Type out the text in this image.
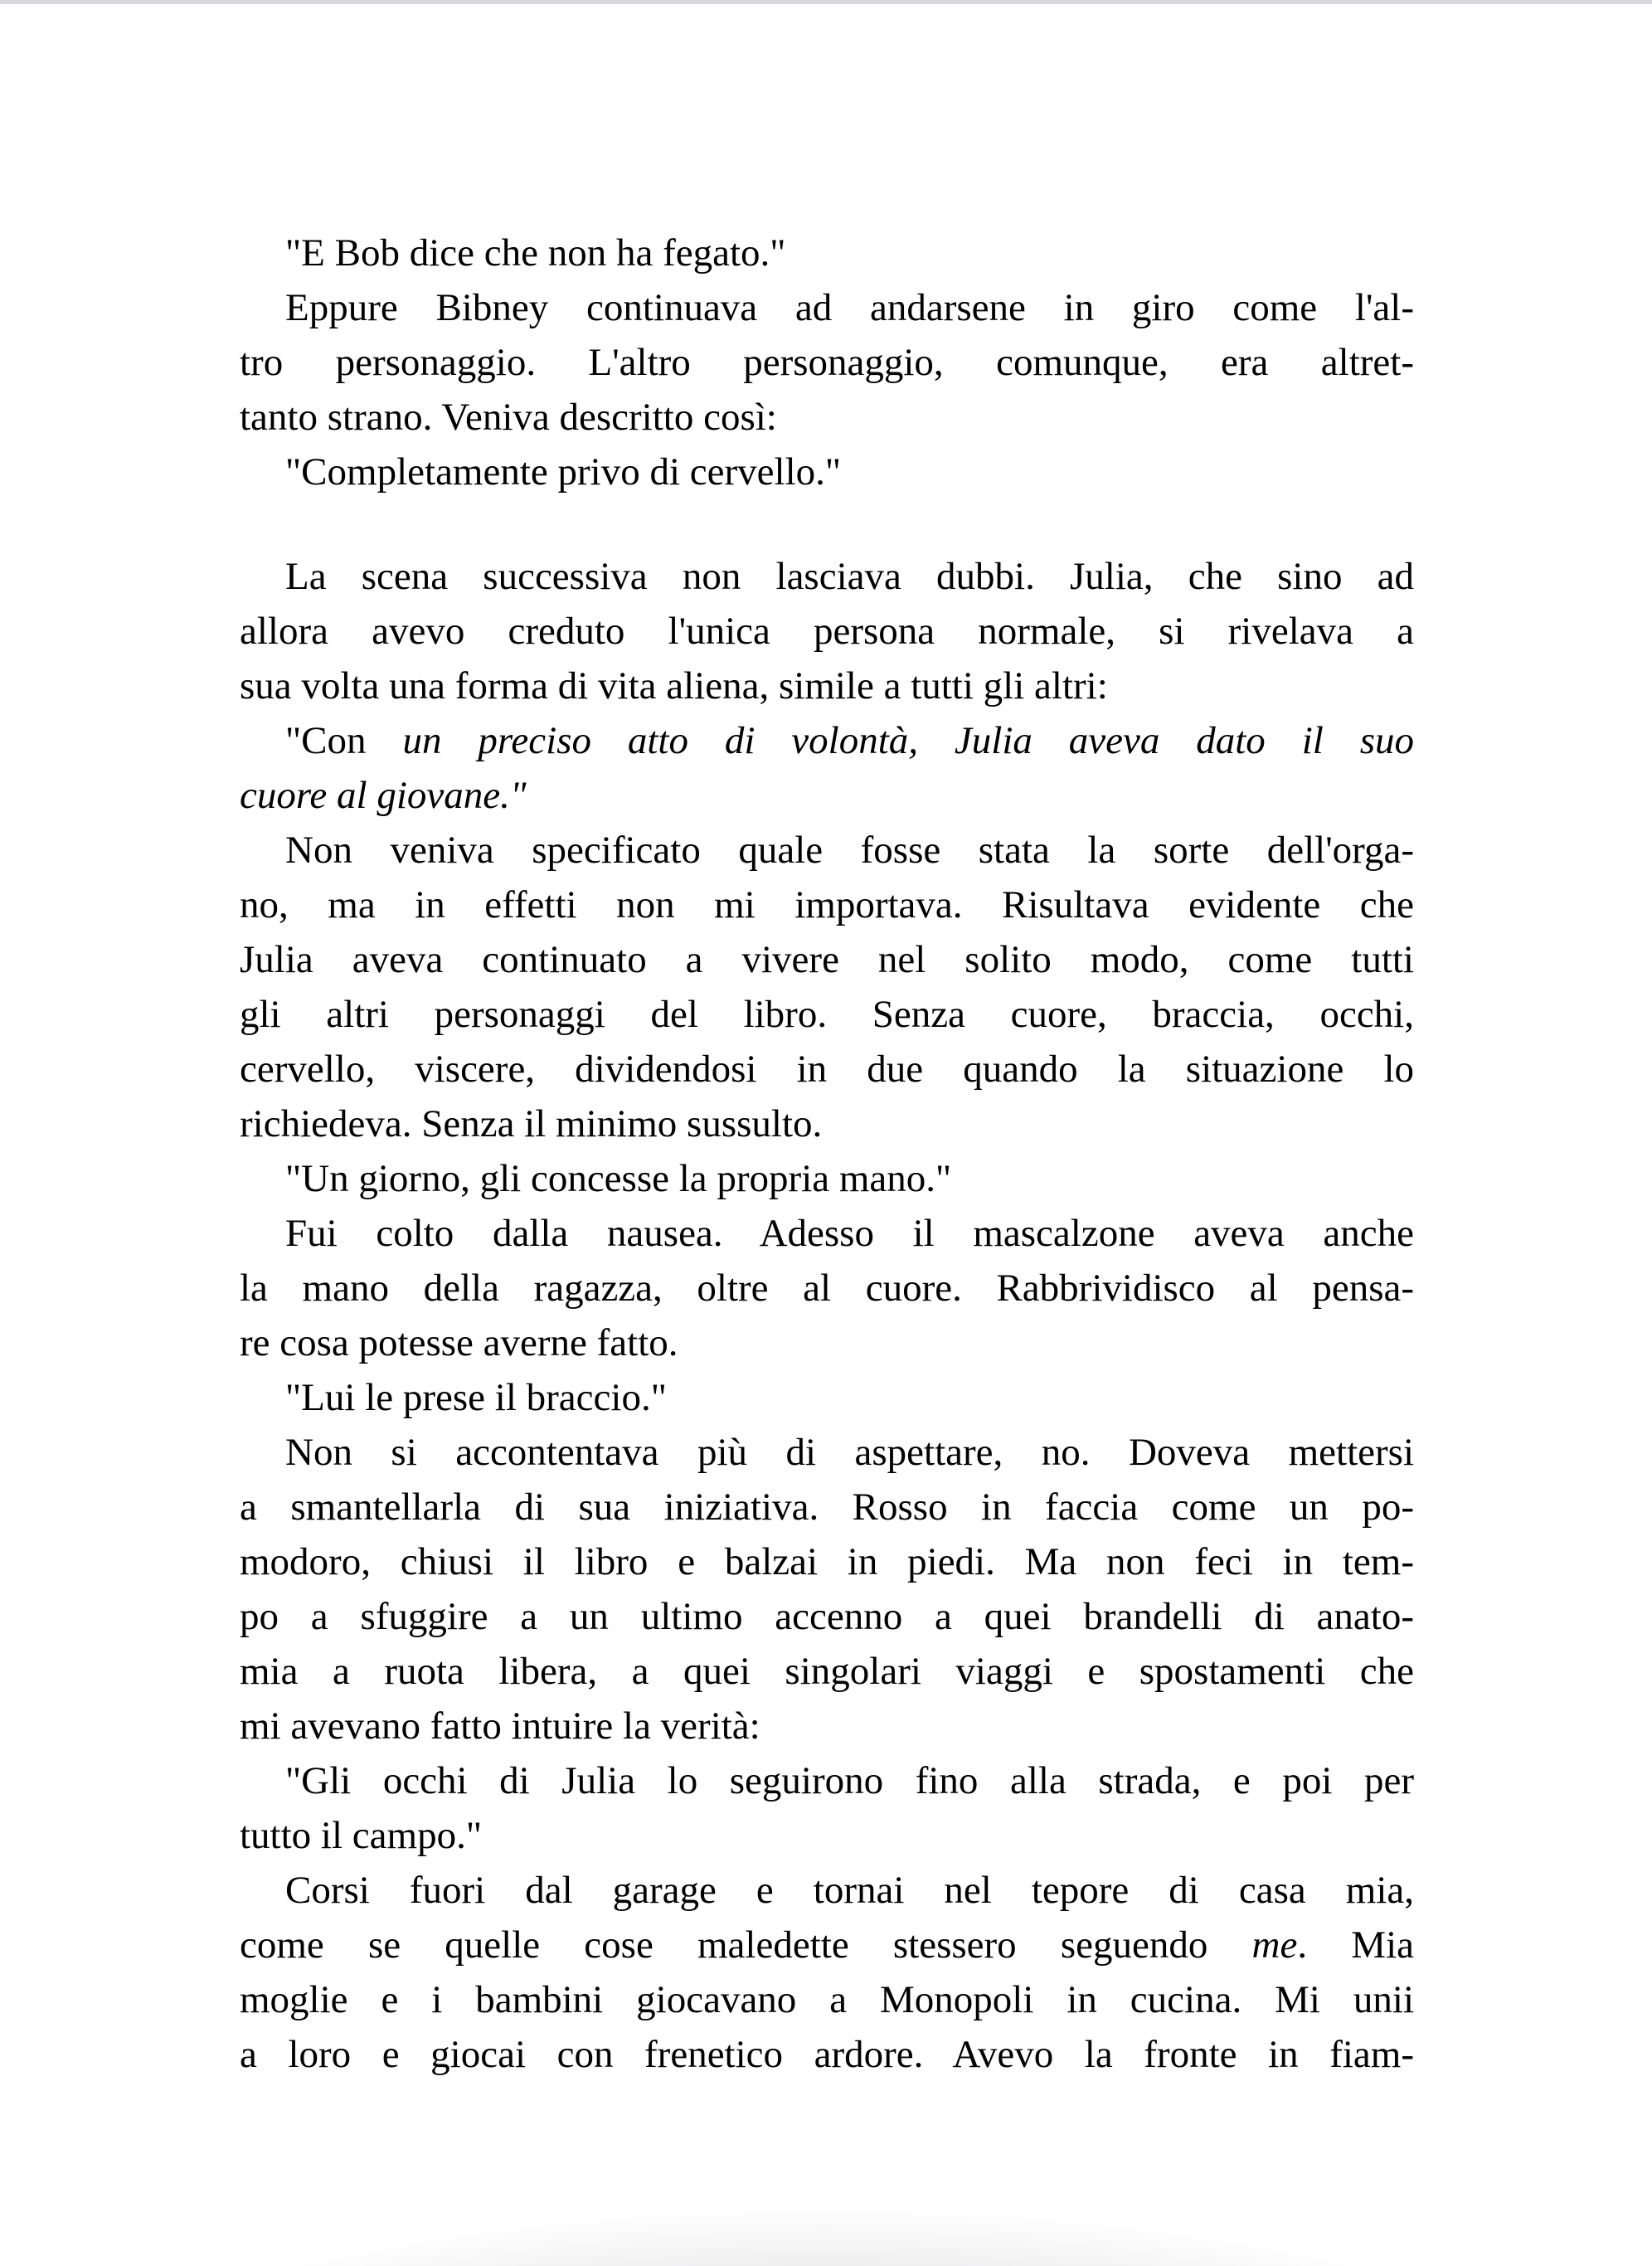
"E Bob dice che non ha fegato."
Eppure Bibney continuava ad andarsene in giro come l'al-
tro personaggio. L'altro personaggio, comunque, era altret-
tanto strano. Veniva descritto così:
"Completamente privo di cervello."
La scena successiva non lasciava dubbi. Julia, che sino ad
allora avevo creduto l'unica persona normale, si rivelava a
sua volta una forma di vita aliena, simile a tutti gli altri:
"Con un preciso atto di volontà, Julia aveva dato il suo
cuore al giovane."
Non veniva specificato quale fosse stata la sorte dell'orga-
no, ma in effetti non mi importava. Risultava evidente che
Julia aveva continuato a vivere nel solito modo, come tutti
gli altri personaggi del libro. Senza cuore, braccia, occhi,
cervello, viscere, dividendosi in due quando la situazione lo
richiedeva. Senza il minimo sussulto.
"Un giorno, gli concesse la propria mano."
Fui colto dalla nausea. Adesso il mascalzone aveva anche
la mano della ragazza, oltre al cuore. Rabbrividisco al pensa-
re cosa potesse averne fatto.
"Lui le prese il braccio."
Non si accontentava più di aspettare, no. Doveva mettersi
a smantellarla di sua iniziativa. Rosso in faccia come un po-
modoro, chiusi il libro e balzai in piedi. Ma non feci in tem-
po a sfuggire a un ultimo accenno a quei brandelli di anato-
mia a ruota libera, a quei singolari viaggi e spostamenti che
mi avevano fatto intuire la verità:
"Gli occhi di Julia lo seguirono fino alla strada, e poi per
tutto il campo."
Corsi fuori dal garage e tornai nel tepore di casa mia,
come se quelle cose maledette stessero seguendo me. Mia
moglie e i bambini giocavano a Monopoli in cucina. Mi unii
a loro e giocai con frenetico ardore. Avevo la fronte in fiam-
